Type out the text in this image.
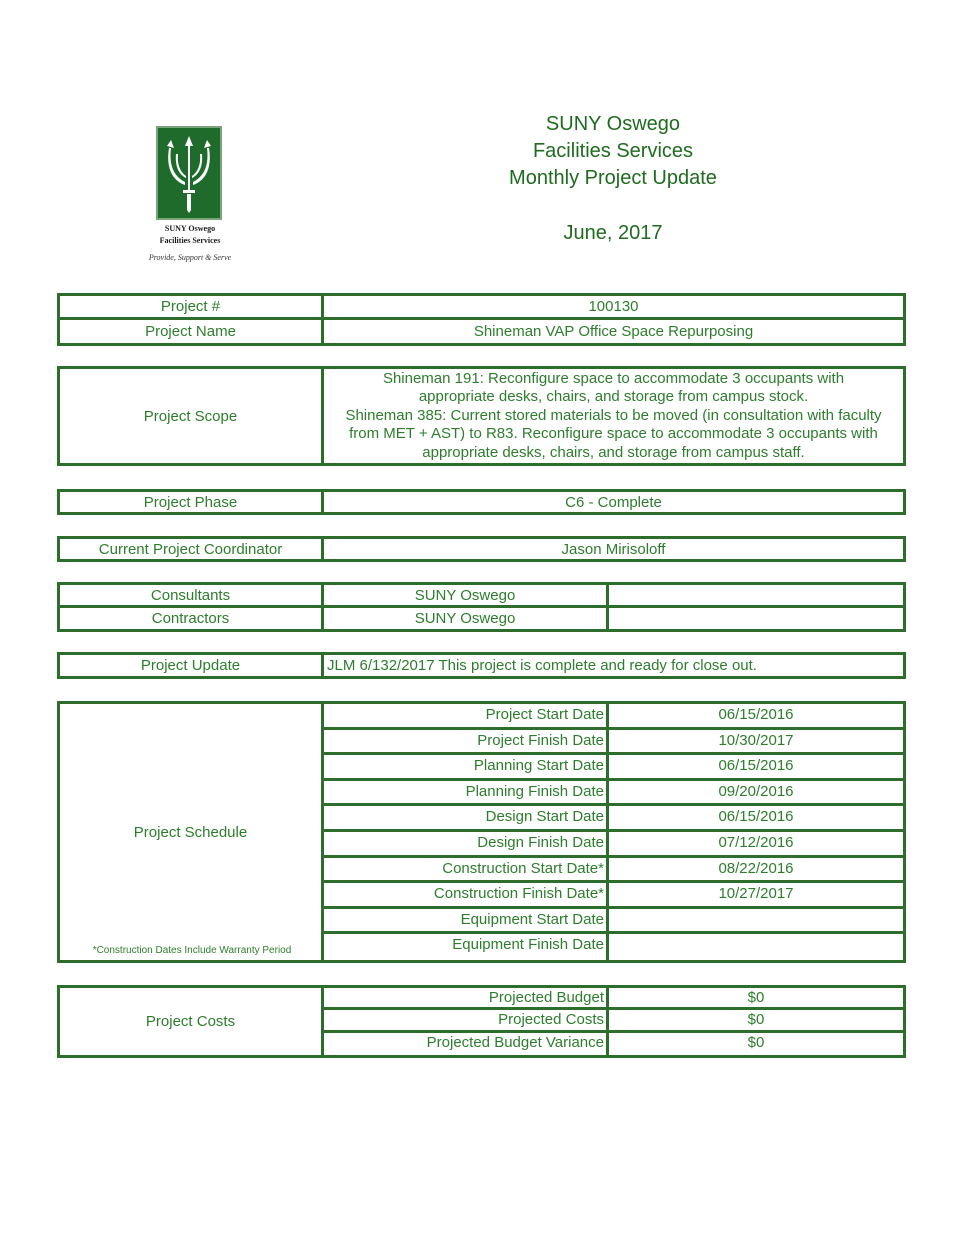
SUNY Oswego
Facilities Services
Provide, Support & Serve
SUNY Oswego
Facilities Services
Monthly Project Update
June, 2017
Project #	100130
Project Name	Shineman VAP Office Space Repurposing
Project Scope
Shineman 191: Reconfigure space to accommodate 3 occupants with
appropriate desks, chairs, and storage from campus stock.
Shineman 385: Current stored materials to be moved (in consultation with faculty
from MET + AST) to R83. Reconfigure space to accommodate 3 occupants with
appropriate desks, chairs, and storage from campus staff.
Project Phase	C6 - Complete
Current Project Coordinator	Jason Mirisoloff
Consultants	SUNY Oswego
Contractors	SUNY Oswego
Project Update	JLM 6/132/2017 This project is complete and ready for close out.
Project Schedule
*Construction Dates Include Warranty Period
Project Start Date	06/15/2016
Project Finish Date	10/30/2017
Planning Start Date	06/15/2016
Planning Finish Date	09/20/2016
Design Start Date	06/15/2016
Design Finish Date	07/12/2016
Construction Start Date*	08/22/2016
Construction Finish Date*	10/27/2017
Equipment Start Date
Equipment Finish Date
Project Costs
Projected Budget	$0
Projected Costs	$0
Projected Budget Variance	$0
